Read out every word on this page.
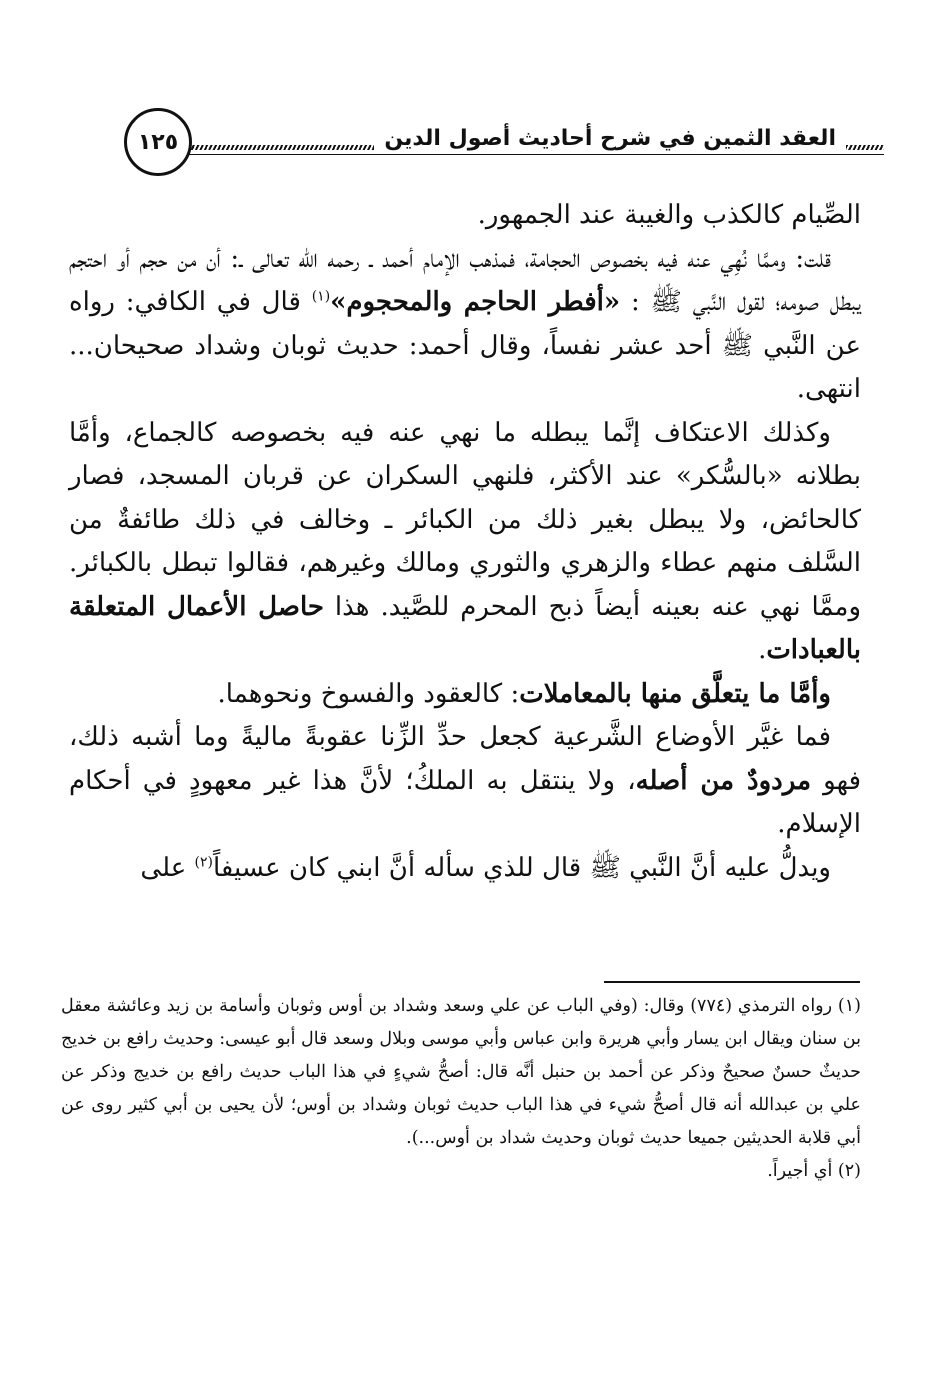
١٢٥	العقد الثمين في شرح أحاديث أصول الدين

الصِّيام كالكذب والغيبة عند الجمهور.

قلت: وممَّا نُهِي عنه فيه بخصوص الحجامة، فمذهب الإمام أحمد ـ رحمه الله تعالى ـ: أن من حجم أو احتجم يبطل صومه؛ لقول النَّبي ﷺ : «أفطر الحاجم والمحجوم»$^{(١)}$ قال في الكافي: رواه عن النَّبي ﷺ أحد عشر نفساً، وقال أحمد: حديث ثوبان وشداد صحيحان... انتهى.

وكذلك الاعتكاف إنَّما يبطله ما نهي عنه فيه بخصوصه كالجماع، وأمَّا بطلانه «بالسُّكر» عند الأكثر، فلنهي السكران عن قربان المسجد، فصار كالحائض، ولا يبطل بغير ذلك من الكبائر ـ وخالف في ذلك طائفةٌ من السَّلف منهم عطاء والزهري والثوري ومالك وغيرهم، فقالوا تبطل بالكبائر. وممَّا نهي عنه بعينه أيضاً ذبح المحرم للصَّيد. هذا حاصل الأعمال المتعلقة بالعبادات.

وأمَّا ما يتعلَّق منها بالمعاملات: كالعقود والفسوخ ونحوهما.

فما غيَّر الأوضاع الشَّرعية كجعل حدِّ الزِّنا عقوبةً ماليةً وما أشبه ذلك، فهو مردودٌ من أصله، ولا ينتقل به الملكُ؛ لأنَّ هذا غير معهودٍ في أحكام الإسلام.

ويدلُّ عليه أنَّ النَّبي ﷺ قال للذي سأله أنَّ ابني كان عسيفاً$^{(٢)}$ على

(١) رواه الترمذي (٧٧٤) وقال: (وفي الباب عن علي وسعد وشداد بن أوس وثوبان وأسامة بن زيد وعائشة معقل بن سنان ويقال ابن يسار وأبي هريرة وابن عباس وأبي موسى وبلال وسعد قال أبو عيسى: وحديث رافع بن خديج حديثٌ حسنٌ صحيحٌ وذكر عن أحمد بن حنبل أنَّه قال: أصحُّ شيءٍ في هذا الباب حديث رافع بن خديج وذكر عن علي بن عبدالله أنه قال أصحُّ شيء في هذا الباب حديث ثوبان وشداد بن أوس؛ لأن يحيى بن أبي كثير روى عن أبي قلابة الحديثين جميعا حديث ثوبان وحديث شداد بن أوس...).

(٢) أي أجيراً.
